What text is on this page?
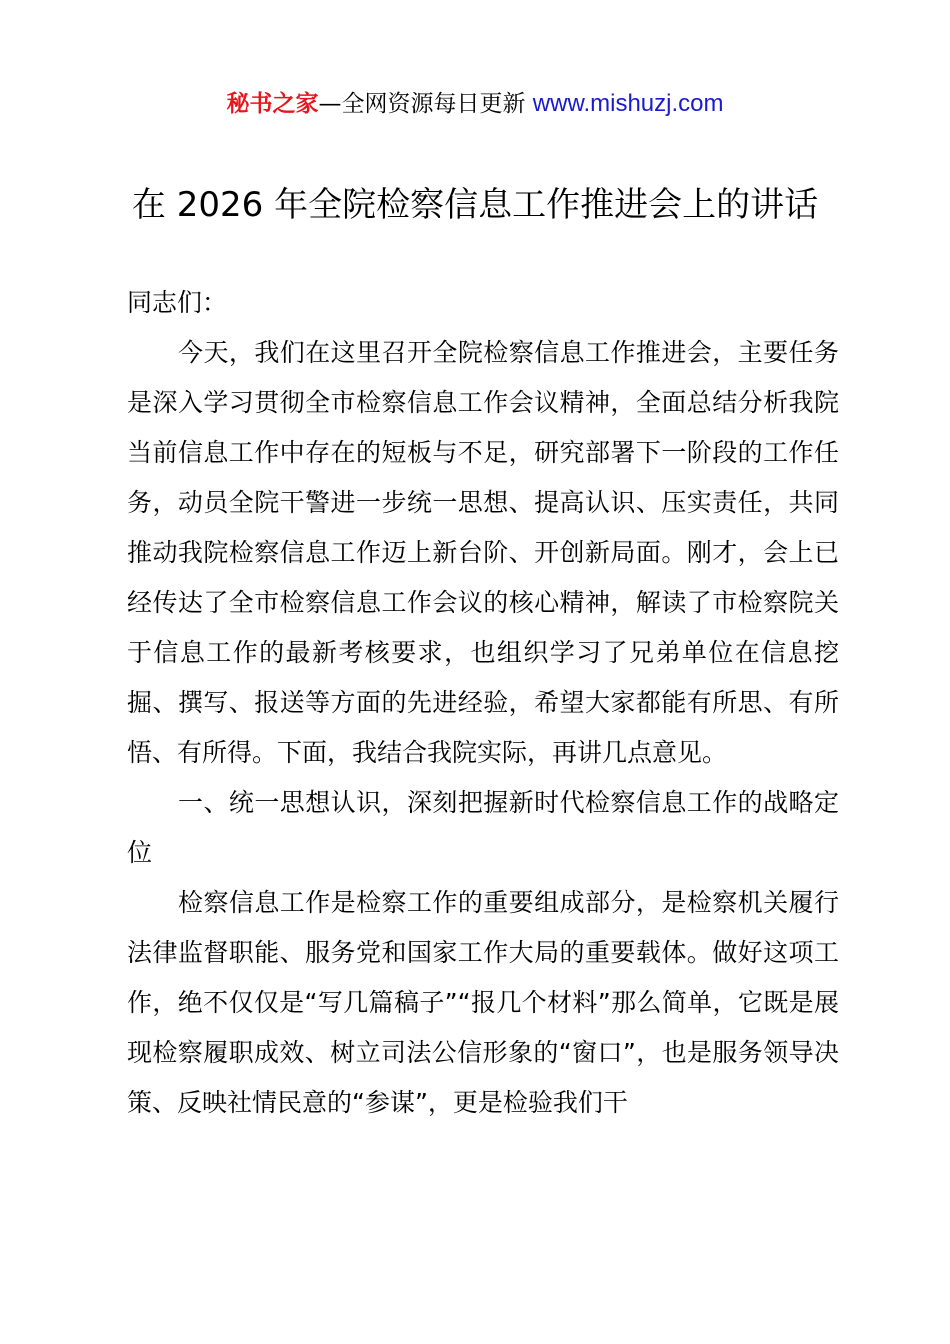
秘书之家—全网资源每日更新 www.mishuzj.com
在 2026 年全院检察信息工作推进会上的讲话

同志们：

今天，我们在这里召开全院检察信息工作推进会，主要任务是深入学习贯彻全市检察信息工作会议精神，全面总结分析我院当前信息工作中存在的短板与不足，研究部署下一阶段的工作任务，动员全院干警进一步统一思想、提高认识、压实责任，共同推动我院检察信息工作迈上新台阶、开创新局面。刚才，会上已经传达了全市检察信息工作会议的核心精神，解读了市检察院关于信息工作的最新考核要求，也组织学习了兄弟单位在信息挖掘、撰写、报送等方面的先进经验，希望大家都能有所思、有所悟、有所得。下面，我结合我院实际，再讲几点意见。

一、统一思想认识，深刻把握新时代检察信息工作的战略定位

检察信息工作是检察工作的重要组成部分，是检察机关履行法律监督职能、服务党和国家工作大局的重要载体。做好这项工作，绝不仅仅是“写几篇稿子”“报几个材料”那么简单，它既是展现检察履职成效、树立司法公信形象的“窗口”，也是服务领导决策、反映社情民意的“参谋”，更是检验我们干
